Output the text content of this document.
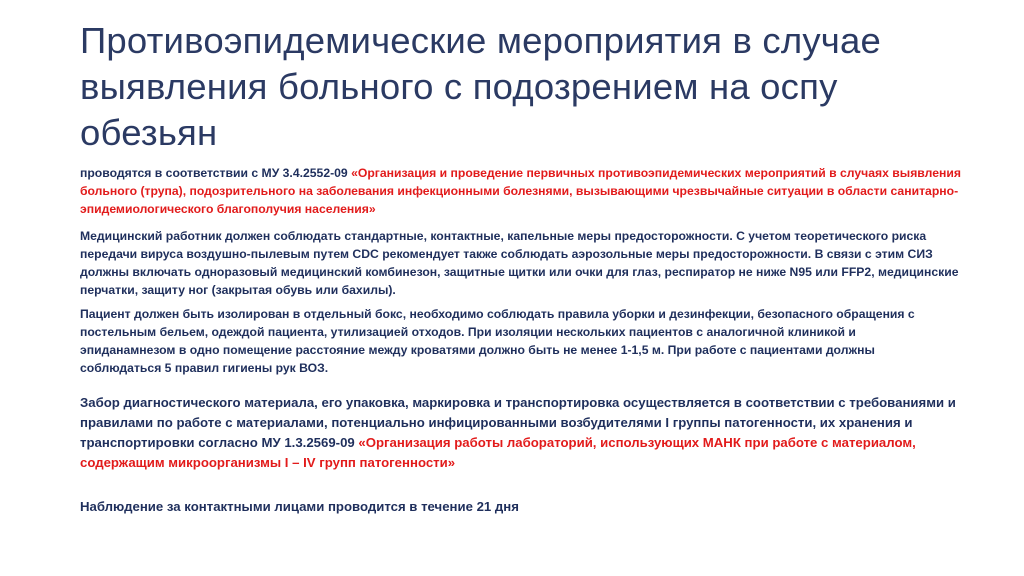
Противоэпидемические мероприятия в случае выявления больного с подозрением на оспу обезьян

проводятся в соответствии с МУ 3.4.2552-09 «Организация и проведение первичных противоэпидемических мероприятий в случаях выявления больного (трупа), подозрительного на заболевания инфекционными болезнями, вызывающими чрезвычайные ситуации в области санитарно-эпидемиологического благополучия населения»

Медицинский работник должен соблюдать стандартные, контактные, капельные меры предосторожности. С учетом теоретического риска передачи вируса воздушно-пылевым путем CDC рекомендует также соблюдать аэрозольные меры предосторожности. В связи с этим СИЗ должны включать одноразовый медицинский комбинезон, защитные щитки или очки для глаз, респиратор не ниже N95 или FFP2, медицинские перчатки, защиту ног (закрытая обувь или бахилы).

Пациент должен быть изолирован в отдельный бокс, необходимо соблюдать правила уборки и дезинфекции, безопасного обращения с постельным бельем, одеждой пациента, утилизацией отходов. При изоляции нескольких пациентов с аналогичной клиникой и эпиданамнезом в одно помещение расстояние между кроватями должно быть не менее 1-1,5 м. При работе с пациентами должны соблюдаться 5 правил гигиены рук ВОЗ.

Забор диагностического материала, его упаковка, маркировка и транспортировка осуществляется в соответствии с требованиями и правилами по работе с материалами, потенциально инфицированными возбудителями I группы патогенности, их хранения и транспортировки согласно МУ 1.3.2569-09 «Организация работы лабораторий, использующих МАНК при работе с материалом, содержащим микроорганизмы I – IV групп патогенности»

Наблюдение за контактными лицами проводится в течение 21 дня
